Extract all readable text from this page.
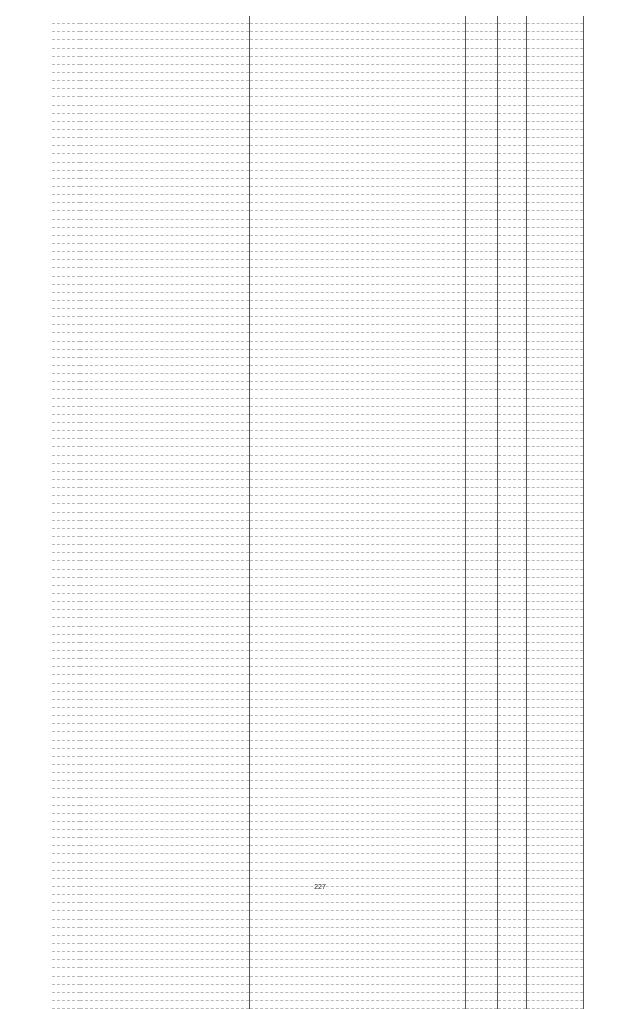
227
